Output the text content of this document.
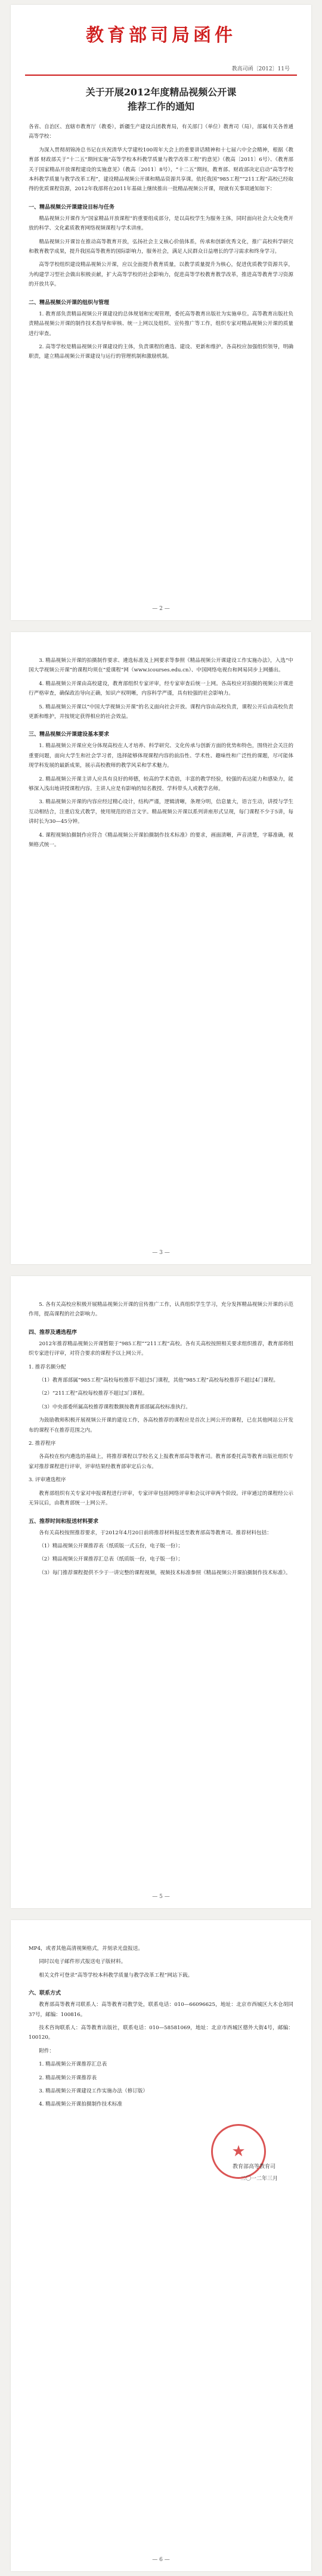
教育部司局函件
教高司函〔2012〕11号
关于开展2012年度精品视频公开课
推荐工作的通知

各省、自治区、直辖市教育厅（教委），新疆生产建设兵团教育局，有关部门（单位）教育司（局），部属有关各普通高等学校：

为深入贯彻胡锦涛总书记在庆祝清华大学建校100周年大会上的重要讲话精神和十七届六中全会精神，根据《教育部 财政部关于“十二五”期间实施“高等学校本科教学质量与教学改革工程”的意见》（教高〔2011〕6号）、《教育部关于国家精品开放课程建设的实施意见》（教高〔2011〕8号），“十二五”期间，教育部、财政部决定启动“高等学校本科教学质量与教学改革工程”，建设精品视频公开课和精品资源共享课。依托我国“985工程”“211工程”高校已经取得的优质课程资源，2012年我部将在2011年基础上继续推出一批精品视频公开课，现就有关事项通知如下：

一、精品视频公开课建设目标与任务

精品视频公开课作为“国家精品开放课程”的重要组成部分，是以高校学生为服务主体，同时面向社会大众免费开放的科学、文化素质教育网络视频课程与学术讲座。

精品视频公开课旨在推动高等教育开放，弘扬社会主义核心价值体系，传承和创新优秀文化，推广高校科学研究和教育教学成果，提升我国高等教育的国际影响力，服务社会，满足人民群众日益增长的学习需求和终身学习。

高等学校组织建设精品视频公开课，应以全面提升教育质量，以教学质量提升为核心，促进优质教学资源共享，为构建学习型社会做出积极贡献，扩大高等学校的社会影响力，促进高等学校教育教学改革，推进高等教育学习资源的开放共享。

二、精品视频公开课的组织与管理

1. 教育部负责精品视频公开课建设的总体规划和宏观管理，委托高等教育出版社为实施单位。高等教育出版社负责精品视频公开课的制作技术指导和审核、统一上网以及组织、宣传推广等工作，组织专家对精品视频公开课的质量进行审查。

2. 高等学校是精品视频公开课建设的主体，负责课程的遴选、建设、更新和维护。各高校应加强组织领导，明确职责，建立精品视频公开课建设与运行的管理机制和激励机制。

— 2 —

3. 精品视频公开课的拍摄制作要求、遴选标准及上网要求等参照《精品视频公开课建设工作实施办法》，入选“中国大学视频公开课”的课程均须在“爱课程”网（www.icourses.edu.cn）、中国网络电视台和网易同步上网播出。

4. 精品视频公开课由高校建设，教育部组织专家评审，经专家审查后统一上网。各高校应对拍摄的视频公开课进行严格审查，确保政治导向正确，知识产权明晰，内容科学严谨，具有较强的社会影响力。

5. 精品视频公开课以“中国大学视频公开课”的名义面向社会开放。课程内容由高校负责，课程公开后由高校负责更新和维护，并按规定获得相应的社会效益。

三、精品视频公开课建设基本要求

1. 精品视频公开课应充分体现高校在人才培养、科学研究、文化传承与创新方面的优势和特色，围绕社会关注的重要问题，面向大学生和社会学习者，选择能够体现课程内容的前沿性、学术性、趣味性和广泛性的课题，尽可能体现学科发展的最新成果，展示高校教师的教学风采和学术魅力。

2. 精品视频公开课主讲人应具有良好的师德，较高的学术造诣，丰富的教学经验，较强的表达能力和感染力，能够深入浅出地讲授课程内容。主讲人应是有影响的知名教授、学科带头人或教学名师。

3. 精品视频公开课的内容应经过精心设计，结构严谨，逻辑清晰，条理分明，信息量大，语言生动，讲授与学生互动相结合，注重启发式教学，使用规范的语言文字。精品视频公开课以系列讲座形式呈现，每门课程不少于5讲，每讲时长为30—45分钟。

4. 课程视频拍摄制作应符合《精品视频公开课拍摄制作技术标准》的要求，画面清晰，声音清楚，字幕准确，视频格式统一。

— 3 —

5. 各有关高校应积极开展精品视频公开课的宣传推广工作，认真组织学生学习，充分发挥精品视频公开课的示范作用，提高课程的社会影响力。

四、推荐及遴选程序

2012年推荐精品视频公开课暂限于“985工程”“211工程”高校。各有关高校按照相关要求组织推荐，教育部将组织专家进行评审，对符合要求的课程予以上网公开。

1. 推荐名额分配

（1）教育部部属“985工程”高校每校推荐不超过5门课程，其他“985工程”高校每校推荐不超过4门课程。

（2）“211工程”高校每校推荐不超过3门课程。

（3）中央部委所属高校推荐课程数额按教育部部属高校标准执行。

为鼓励教师积极开展视频公开课的建设工作，各高校推荐的课程应是首次上网公开的课程，已在其他网站公开发布的课程不在推荐范围之内。

2. 推荐程序

各高校在校内遴选的基础上，将推荐课程以学校名义上报教育部高等教育司。教育部委托高等教育出版社组织专家对推荐课程进行评审，评审结果经教育部审定后公布。

3. 评审遴选程序

教育部组织有关专家对申报课程进行评审，专家评审包括网络评审和会议评审两个阶段。评审通过的课程经公示无异议后，由教育部统一上网公开。

五、推荐时间和报送材料要求

各有关高校按照推荐要求，于2012年4月20日前将推荐材料报送至教育部高等教育司。推荐材料包括：

（1）精品视频公开课推荐表（纸质版一式五份，电子版一份）；

（2）精品视频公开课推荐汇总表（纸质版一份，电子版一份）；

（3）每门推荐课程提供不少于一讲完整的课程视频，视频技术标准参照《精品视频公开课拍摄制作技术标准》。

— 5 —

MP4，或者其他高清视频格式，并刻录光盘报送。

同时以电子邮件形式报送电子版材料。

相关文件可登录“高等学校本科教学质量与教学改革工程”网站下载。

六、联系方式

教育部高等教育司联系人：高等教育司教学处，联系电话：010—66096625，地址：北京市西城区大木仓胡同37号，邮编：100816。

技术咨询联系人：高等教育出版社，联系电话：010—58581069，地址：北京市西城区德外大街4号，邮编：100120。

附件：

1. 精品视频公开课推荐汇总表

2. 精品视频公开课推荐表

3. 精品视频公开课建设工作实施办法（修订版）

4. 精品视频公开课拍摄制作技术标准

★
教育部高等教育司
二〇一二年三月
— 6 —
